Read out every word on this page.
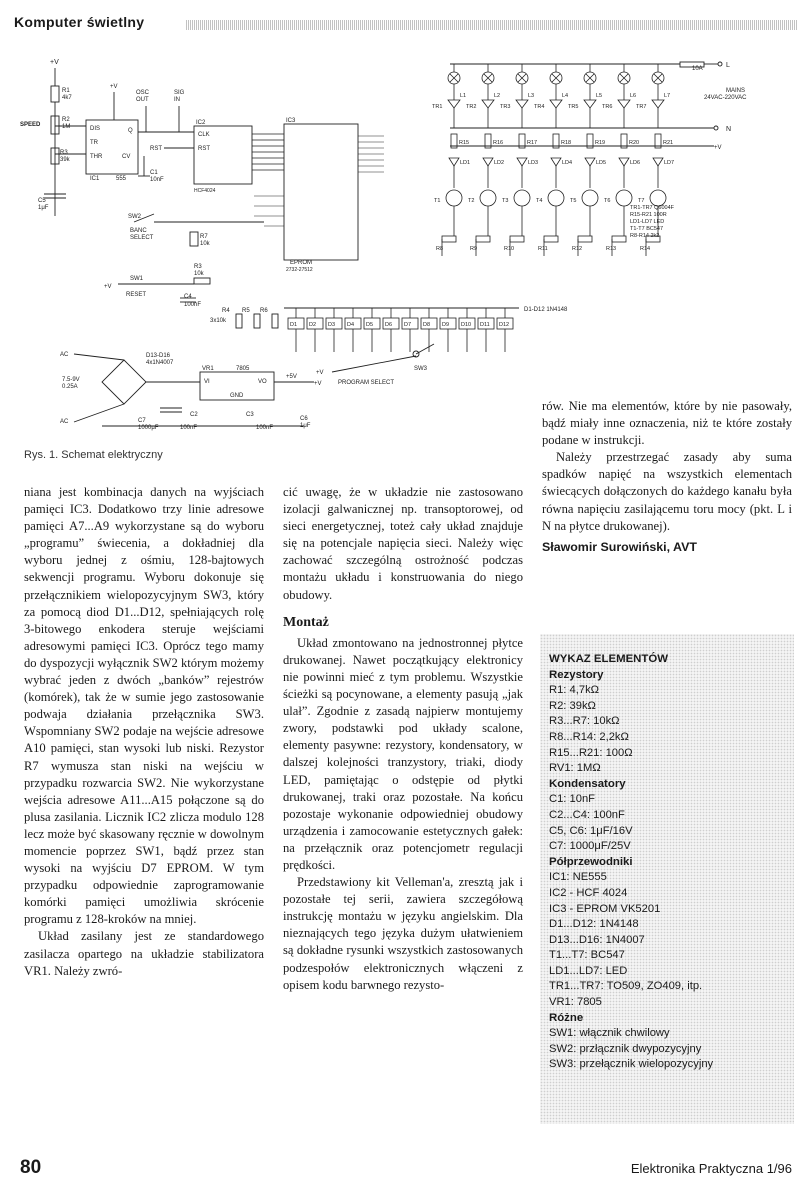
Komputer świetlny
+V
R1
4k7
SPEED
R2
1M
R3
39k
C5
1μF
DIS
TR
THR	CV
Q
IC1	555
+V
OSC
OUT
SIG
IN
C1
10nF
IC2
CLK
RST
RST
HCF4024
IC3
EPROM
2732-27512
SW2
BANC
SELECT	R7
10k
R3
10k
+V
SW1
RESET	C4
100nF
R4 R5 R6
3x10k
D1 D2 D3 D4 D5 D6 D7 D8 D9 D10 D11 D12
D1-D12 1N4148
SW3
+V
PROGRAM SELECT
AC
AC
D13-D16
4x1N4007
7.5-9V
0.25A
VR1	7805
VI	VO
GND
+5V
+V
C7
1000μF
C2
100nF
C3
100nF
C6
1μF
10A	L
MAINS
24VAC-220VAC
N
+V
L1
TR1
R15
LD1
T1
R8
L2
TR2
R16
LD2
T2
R9
L3
TR3
R17
LD3
T3
R10
L4
TR4
R18
LD4
T4
R11
L5
TR5
R19
LD5
T5
R12
L6
TR6
R20
LD6
T6
R13
L7
TR7
R21
LD7
T7
R14
TR1-TR7 Q6004F
R15-R21 100R
LD1-LD7 LED
T1-T7 BC547
R8-R14 2k2
Rys. 1. Schemat elektryczny

niana jest kombinacja danych na wyjściach pamięci IC3. Dodatkowo trzy linie adresowe pamięci A7...A9 wykorzystane są do wyboru „programu” świecenia, a dokładniej dla wyboru jednej z ośmiu, 128-bajtowych sekwencji programu. Wyboru dokonuje się przełącznikiem wielopozycyjnym SW3, który za pomocą diod D1...D12, spełniających rolę 3-bitowego enkodera steruje wejściami adresowymi pamięci IC3. Oprócz tego mamy do dyspozycji wyłącznik SW2 którym możemy wybrać jeden z dwóch „banków” rejestrów (komórek), tak że w sumie jego zastosowanie podwaja działania przełącznika SW3. Wspomniany SW2 podaje na wejście adresowe A10 pamięci, stan wysoki lub niski. Rezystor R7 wymusza stan niski na wejściu w przypadku rozwarcia SW2. Nie wykorzystane wejścia adresowe A11...A15 połączone są do plusa zasilania. Licznik IC2 zlicza modulo 128 lecz może być skasowany ręcznie w dowolnym momencie poprzez SW1, bądź przez stan wysoki na wyjściu D7 EPROM. W tym przypadku odpowiednie zaprogramowanie komórki pamięci umożliwia skrócenie programu z 128-kroków na mniej.

Układ zasilany jest ze standardowego zasilacza opartego na układzie stabilizatora VR1. Należy zwró-

cić uwagę, że w układzie nie zastosowano izolacji galwanicznej np. transoptorowej, od sieci energetycznej, toteż cały układ znajduje się na potencjale napięcia sieci. Należy więc zachować szczególną ostrożność podczas montażu układu i konstruowania do niego obudowy.

Montaż

Układ zmontowano na jednostronnej płytce drukowanej. Nawet początkujący elektronicy nie powinni mieć z tym problemu. Wszystkie ścieżki są pocynowane, a elementy pasują „jak ulał”. Zgodnie z zasadą najpierw montujemy zwory, podstawki pod układy scalone, elementy pasywne: rezystory, kondensatory, w dalszej kolejności tranzystory, triaki, diody LED, pamiętając o odstępie od płytki drukowanej, traki oraz pozostałe. Na końcu pozostaje wykonanie odpowiedniej obudowy urządzenia i zamocowanie estetycznych gałek: na przełącznik oraz potencjometr regulacji prędkości.

Przedstawiony kit Velleman'a, zresztą jak i pozostałe tej serii, zawiera szczegółową instrukcję montażu w języku angielskim. Dla nieznających tego języka dużym ułatwieniem są dokładne rysunki wszystkich zastosowanych podzespołów elektronicznych włączeni z opisem kodu barwnego rezysto-

rów. Nie ma elementów, które by nie pasowały, bądź miały inne oznaczenia, niż te które zostały podane w instrukcji.

Należy przestrzegać zasady aby suma spadków napięć na wszystkich elementach świecących dołączonych do każdego kanału była równa napięciu zasilającemu toru mocy (pkt. L i N na płytce drukowanej).

Sławomir Surowiński, AVT
WYKAZ ELEMENTÓW
Rezystory
R1: 4,7kΩ
R2: 39kΩ
R3...R7: 10kΩ
R8...R14: 2,2kΩ
R15...R21: 100Ω
RV1: 1MΩ
Kondensatory
C1: 10nF
C2...C4: 100nF
C5, C6: 1μF/16V
C7: 1000μF/25V
Półprzewodniki
IC1: NE555
IC2 - HCF 4024
IC3 - EPROM VK5201
D1...D12: 1N4148
D13...D16: 1N4007
T1...T7: BC547
LD1...LD7: LED
TR1...TR7: TO509, ZO409, itp.
VR1: 7805
Różne
SW1: włącznik chwilowy
SW2: przłącznik dwypozycyjny
SW3: przełącznik wielopozycyjny
80	Elektronika Praktyczna 1/96
